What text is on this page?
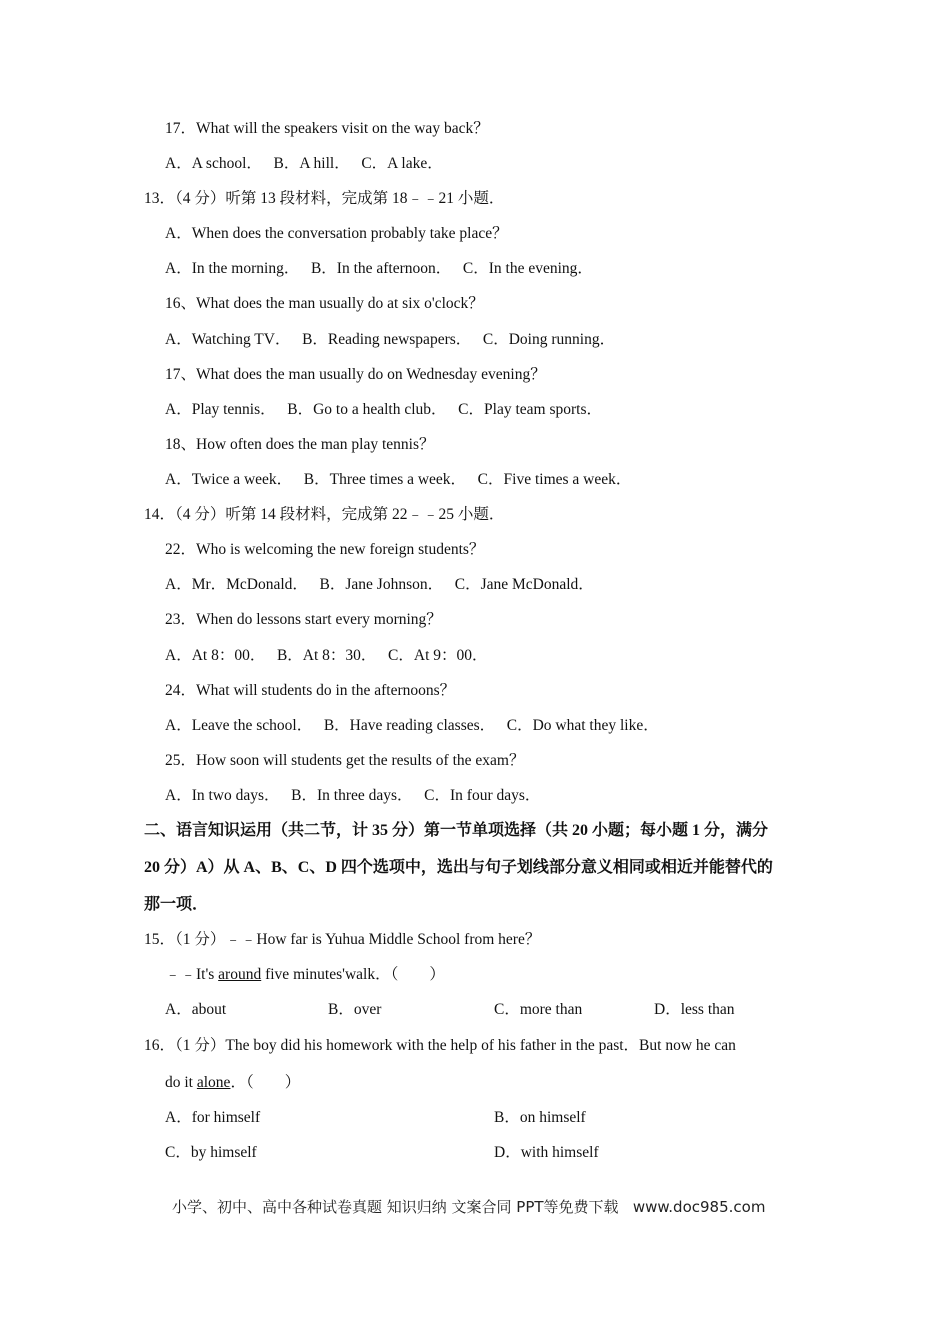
17．What will the speakers visit on the way back？
A．A school．   B．A hill．   C．A lake．
13．（4 分）听第 13 段材料，完成第 18﹣﹣21 小题．
A．When does the conversation probably take place？
A．In the morning．   B．In the afternoon．   C．In the evening．
16、What does the man usually do at six o'clock？
A．Watching TV．   B．Reading newspapers．   C．Doing running．
17、What does the man usually do on Wednesday evening？
A．Play tennis．   B．Go to a health club．   C．Play team sports．
18、How often does the man play tennis？
A．Twice a week．   B．Three times a week．   C．Five times a week．
14．（4 分）听第 14 段材料，完成第 22﹣﹣25 小题．
22．Who is welcoming the new foreign students？
A．Mr．McDonald．   B．Jane Johnson．   C．Jane McDonald．
23．When do lessons start every morning？
A．At 8：00．   B．At 8：30．   C．At 9：00．
24．What will students do in the afternoons？
A．Leave the school．   B．Have reading classes．   C．Do what they like．
25．How soon will students get the results of the exam？
A．In two days．   B．In three days．   C．In four days．
二、语言知识运用（共二节，计 35 分）第一节单项选择（共 20 小题；每小题 1 分，满分
20 分）A）从 A、B、C、D 四个选项中，选出与句子划线部分意义相同或相近并能替代的
那一项．
15．（1 分）﹣﹣How far is Yuhua Middle School from here？
﹣﹣It's around five minutes'walk．（　　）
A．about	B．over	C．more than	D．less than
16．（1 分）The boy did his homework with the help of his father in the past．But now he can
do it alone．（　　）
A．for himself	B．on himself
C．by himself	D．with himself
小学、初中、高中各种试卷真题 知识归纳 文案合同 PPT等免费下载   www.doc985.com
